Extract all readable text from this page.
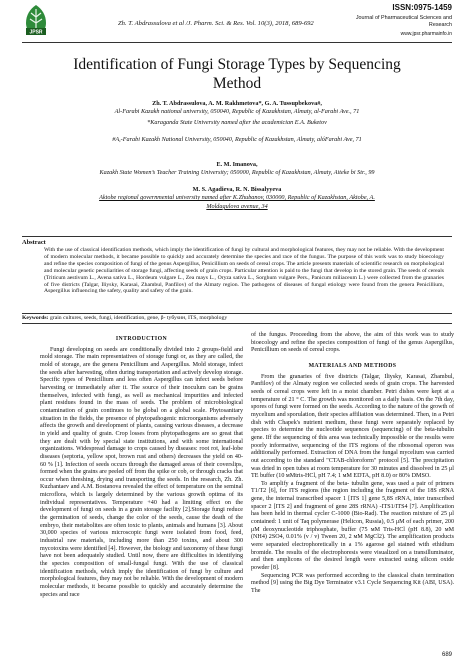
JPSR
ISSN:0975-1459
Zh. T. Abdrassulova et al /J. Pharm. Sci. & Res. Vol. 10(3), 2018, 689-692
Journal of Pharmaceutical Sciences and Research
www.jpsr.pharmainfo.in
Identification of Fungi Storage Types by Sequencing Method
Zh. T. Abdrassulova, A. M. Rakhmetova*, G. A. Tussupbekova#,
Al-Farabi Kazakh national university, 050040, Republic of Kazakhstan, Almaty, al-Farabi Ave., 71
*Karaganda State University named after the academician E.A. Buketov
#A,-Farabi Kazakh National University, 050040, Republic of Kazakhstan, Almaty, alóFarabi Ave, 71
E. M. Imanova,
Kazakh State Women’s Teacher Training University; 050000, Republic of Kazakhstan, Almaty, Aiteke bi Str., 99
M. S. Agadieva, R. N. Bissalyyeva
Aktobe regional governmental university named after K.Zhubanov, 030000, Republic of Kazakhstan, Aktobe, A. Moldagulova avenue, 34
Abstract
With the use of classical identification methods, which imply the identification of fungi by cultural and morphological features, they may not be reliable. With the development of modern molecular methods, it became possible to quickly and accurately determine the species and race of the fungus. The purpose of this work was to study bioecology and refine the species composition of fungi of the genus Aspergillus, Penicillium on seeds of cereal crops. The article presents materials of scientific research on morphological and molecular genetic peculiarities of storage fungi, affecting seeds of grain crops. Particular attention is paid to the fungi that develop in the stored grain. The seeds of cereals (Triticum aestivum L., Avena sativa L., Hordeum vulgare L., Zea mays L., Oryza sativa L., Sorghum vulgare Pers., Panicum miliaceum L.) were collected from the granaries of five districts (Talgar, Iliysky, Karasai, Zhambul, Panfilov) of the Almaty region. The pathogens of diseases of fungal etiology were found from the genera Penicillium, Aspergillus influencing the safety, quality and safety of the grain.
Keywords: grain cultures, seeds, fungi, identification, gene, β- tyбуsин, ITS, morphology
INTRODUCTION

Fungi developing on seeds are conditionally divided into 2 groups-field and mold storage. The main representatives of storage fungi or, as they are called, the mold of storage, are the genera Penicillium and Aspergillus. Mold storage, infect the seeds after harvesting, often during transportation and actively develop storage. Specific types of Penicillium and less often Aspergillus can infect seeds before harvesting or immediately after it. The source of their inoculum can be grains themselves, infected with fungi, as well as mechanical impurities and infected plant residues found in the mass of seeds. The problem of microbiological contamination of grain continues to be global on a global scale. Phytosanitary situation in the fields, the presence of phytopathogenic microorganisms adversely affects the growth and development of plants, causing various diseases, a decrease in yield and quality of grain. Crop losses from phytopathogens are so great that they are dealt with by special state institutions, and with some international organizations. Widespread damage to crops caused by diseases: root rot, leaf-lobe diseases (septoria, yellow spot, brown rust and others) decreases the yield on 40- 60 % [1]. Infection of seeds occurs through the damaged areas of their coverslips, formed when the grains are peeled off from the spike or cob, or through cracks that occur when threshing, drying and transporting the seeds. In the research, Zh. Zh. Kuzhantaev and A.M. Bostanova revealed the effect of temperature on the seminal microflora, which is largely determined by the various growth optima of its individual representatives. Temperature +40 had a limiting effect on the development of fungi on seeds in a grain storage facility [2].Storage fungi reduce the germination of seeds, change the color of the seeds, cause the death of the embryo, their metabolites are often toxic to plants, animals and humans [3]. About 30,000 species of various microscopic fungi were isolated from food, feed, industrial raw materials, including more than 250 toxins, and about 300 mycotoxins were identified [4]. However, the biology and taxonomy of these fungi have not been adequately studied. Until now, there are difficulties in identifying the species composition of small-fungal fungi. With the use of classical identification methods, which imply the identification of fungi by culture and morphological features, they may not be reliable. With the development of modern molecular methods, it became possible to quickly and accurately determine the species and race

of the fungus. Proceeding from the above, the aim of this work was to study bioecology and refine the species composition of fungi of the genus Aspergillus, Penicillium on seeds of cereal crops.

MATERIALS AND METHODS

From the granaries of five districts (Talgar, Iliysky, Karasai, Zhambul, Panfilov) of the Almaty region we collected seeds of grain crops. The harvested seeds of cereal crops were left in a moist chamber. Petri dishes were kept at a temperature of 21 ° C. The growth was monitored on a daily basis. On the 7th day, spores of fungi were formed on the seeds. According to the nature of the growth of mycelium and sporulation, their species affiliation was determined. Then, in a Petri dish with Chapek's nutrient medium, these fungi were separately replaced by species to determine the nucleotide sequences (sequencing) of the beta-tubulin gene. Iff the sequencing of this area was technically impossible or the results were poorly informative, sequencing of the ITS regions of the ribosomal operon was additionally performed. Extraction of DNA from the fungal mycelium was carried out according to the standard "CTAB-chloroform" protocol [5]. The precipitation was dried in open tubes at room temperature for 30 minutes and dissolved in 25 μl TE buffer (10 мMtris-HCl, pH 7.4; 1 мM EDTA, pH 8.0) or 80% DMSO.

To amplify a fragment of the beta- tubulin gene, was used a pair of primers T1/T2 [6], for ITS regions (the region including the fragment of the 18S rRNA gene, the internal transcribed spacer 1 [ITS 1] gene 5,8S rRNA, inter transcribed spacer 2 [ITS 2] and fragment of gene 28S rRNA) -ITS1/ITS4 [7]. Amplification has been held in thermal cycler C-1000 (Bio-Rad). The reaction mixture of 25 μl contained: 1 unit of Taq polymerase (Helicon, Russia), 0.5 μM of each primer, 200 μM deoxynucleotide triphosphate, buffer (75 мM Tris-HCl (pH 8.8), 20 мM (NH4) 2SO4, 0.01% (v / v) Tween 20, 2 мM MgCl2). The amplification products were separated electrophoretically in a 1% agarose gel stained with ethidium bromide. The results of the electrophoresis were visualized on a transilluminator, and then amplicons of the desired length were extracted using silicon oxide powder [8].

Sequencing PCR was performed according to the classical chain termination method [9] using the Big Dye Terminator v3.1 Cycle Sequencing Kit (ABI, USA). The

689
